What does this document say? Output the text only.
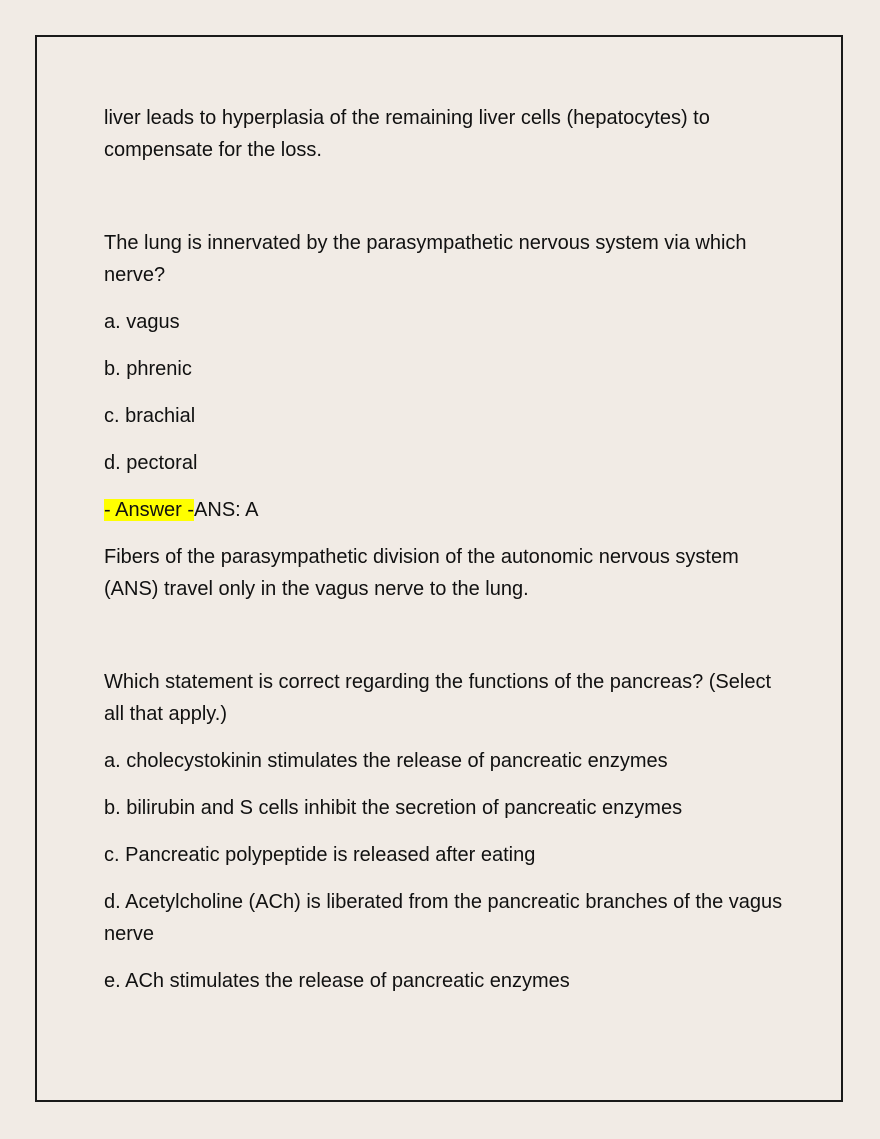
liver leads to hyperplasia of the remaining liver cells (hepatocytes) to compensate for the loss.

The lung is innervated by the parasympathetic nervous system via which nerve?

a. vagus

b. phrenic

c. brachial

d. pectoral

- Answer -ANS: A

Fibers of the parasympathetic division of the autonomic nervous system (ANS) travel only in the vagus nerve to the lung.

Which statement is correct regarding the functions of the pancreas? (Select all that apply.)

a. cholecystokinin stimulates the release of pancreatic enzymes

b. bilirubin and S cells inhibit the secretion of pancreatic enzymes

c. Pancreatic polypeptide is released after eating

d. Acetylcholine (ACh) is liberated from the pancreatic branches of the vagus nerve

e. ACh stimulates the release of pancreatic enzymes
